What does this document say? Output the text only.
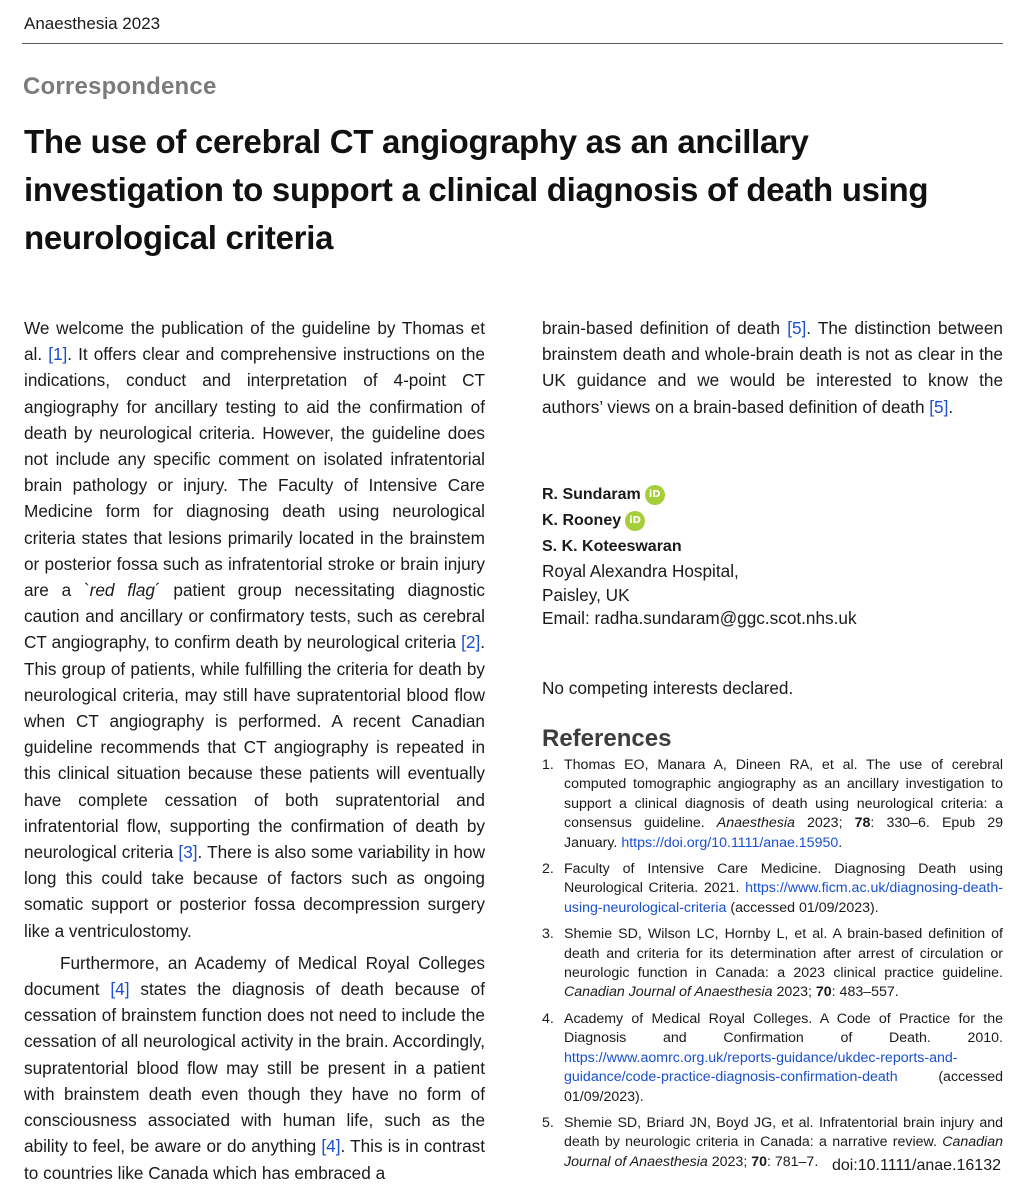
Anaesthesia 2023
Correspondence
The use of cerebral CT angiography as an ancillary investigation to support a clinical diagnosis of death using neurological criteria

We welcome the publication of the guideline by Thomas et al. [1]. It offers clear and comprehensive instructions on the indications, conduct and interpretation of 4-point CT angiography for ancillary testing to aid the confirmation of death by neurological criteria. However, the guideline does not include any specific comment on isolated infratentorial brain pathology or injury. The Faculty of Intensive Care Medicine form for diagnosing death using neurological criteria states that lesions primarily located in the brainstem or posterior fossa such as infratentorial stroke or brain injury are a `red flag´ patient group necessitating diagnostic caution and ancillary or confirmatory tests, such as cerebral CT angiography, to confirm death by neurological criteria [2]. This group of patients, while fulfilling the criteria for death by neurological criteria, may still have supratentorial blood flow when CT angiography is performed. A recent Canadian guideline recommends that CT angiography is repeated in this clinical situation because these patients will eventually have complete cessation of both supratentorial and infratentorial flow, supporting the confirmation of death by neurological criteria [3]. There is also some variability in how long this could take because of factors such as ongoing somatic support or posterior fossa decompression surgery like a ventriculostomy.

Furthermore, an Academy of Medical Royal Colleges document [4] states the diagnosis of death because of cessation of brainstem function does not need to include the cessation of all neurological activity in the brain. Accordingly, supratentorial blood flow may still be present in a patient with brainstem death even though they have no form of consciousness associated with human life, such as the ability to feel, be aware or do anything [4]. This is in contrast to countries like Canada which has embraced a

brain-based definition of death [5]. The distinction between brainstem death and whole-brain death is not as clear in the UK guidance and we would be interested to know the authors’ views on a brain-based definition of death [5].

R. Sundaram iD
K. Rooney iD
S. K. Koteeswaran
Royal Alexandra Hospital,
Paisley, UK
Email: radha.sundaram@ggc.scot.nhs.uk
No competing interests declared.
References
1. Thomas EO, Manara A, Dineen RA, et al. The use of cerebral computed tomographic angiography as an ancillary investigation to support a clinical diagnosis of death using neurological criteria: a consensus guideline. Anaesthesia 2023; 78: 330–6. Epub 29 January. https://doi.org/10.1111/anae.15950.
2. Faculty of Intensive Care Medicine. Diagnosing Death using Neurological Criteria. 2021. https://www.ficm.ac.uk/diagnosing-death-using-neurological-criteria (accessed 01/09/2023).
3. Shemie SD, Wilson LC, Hornby L, et al. A brain-based definition of death and criteria for its determination after arrest of circulation or neurologic function in Canada: a 2023 clinical practice guideline. Canadian Journal of Anaesthesia 2023; 70: 483–557.
4. Academy of Medical Royal Colleges. A Code of Practice for the Diagnosis and Confirmation of Death. 2010. https://www.aomrc.org.uk/reports-guidance/ukdec-reports-and-guidance/code-practice-diagnosis-confirmation-death (accessed 01/09/2023).
5. Shemie SD, Briard JN, Boyd JG, et al. Infratentorial brain injury and death by neurologic criteria in Canada: a narrative review. Canadian Journal of Anaesthesia 2023; 70: 781–7. doi:10.1111/anae.16132
